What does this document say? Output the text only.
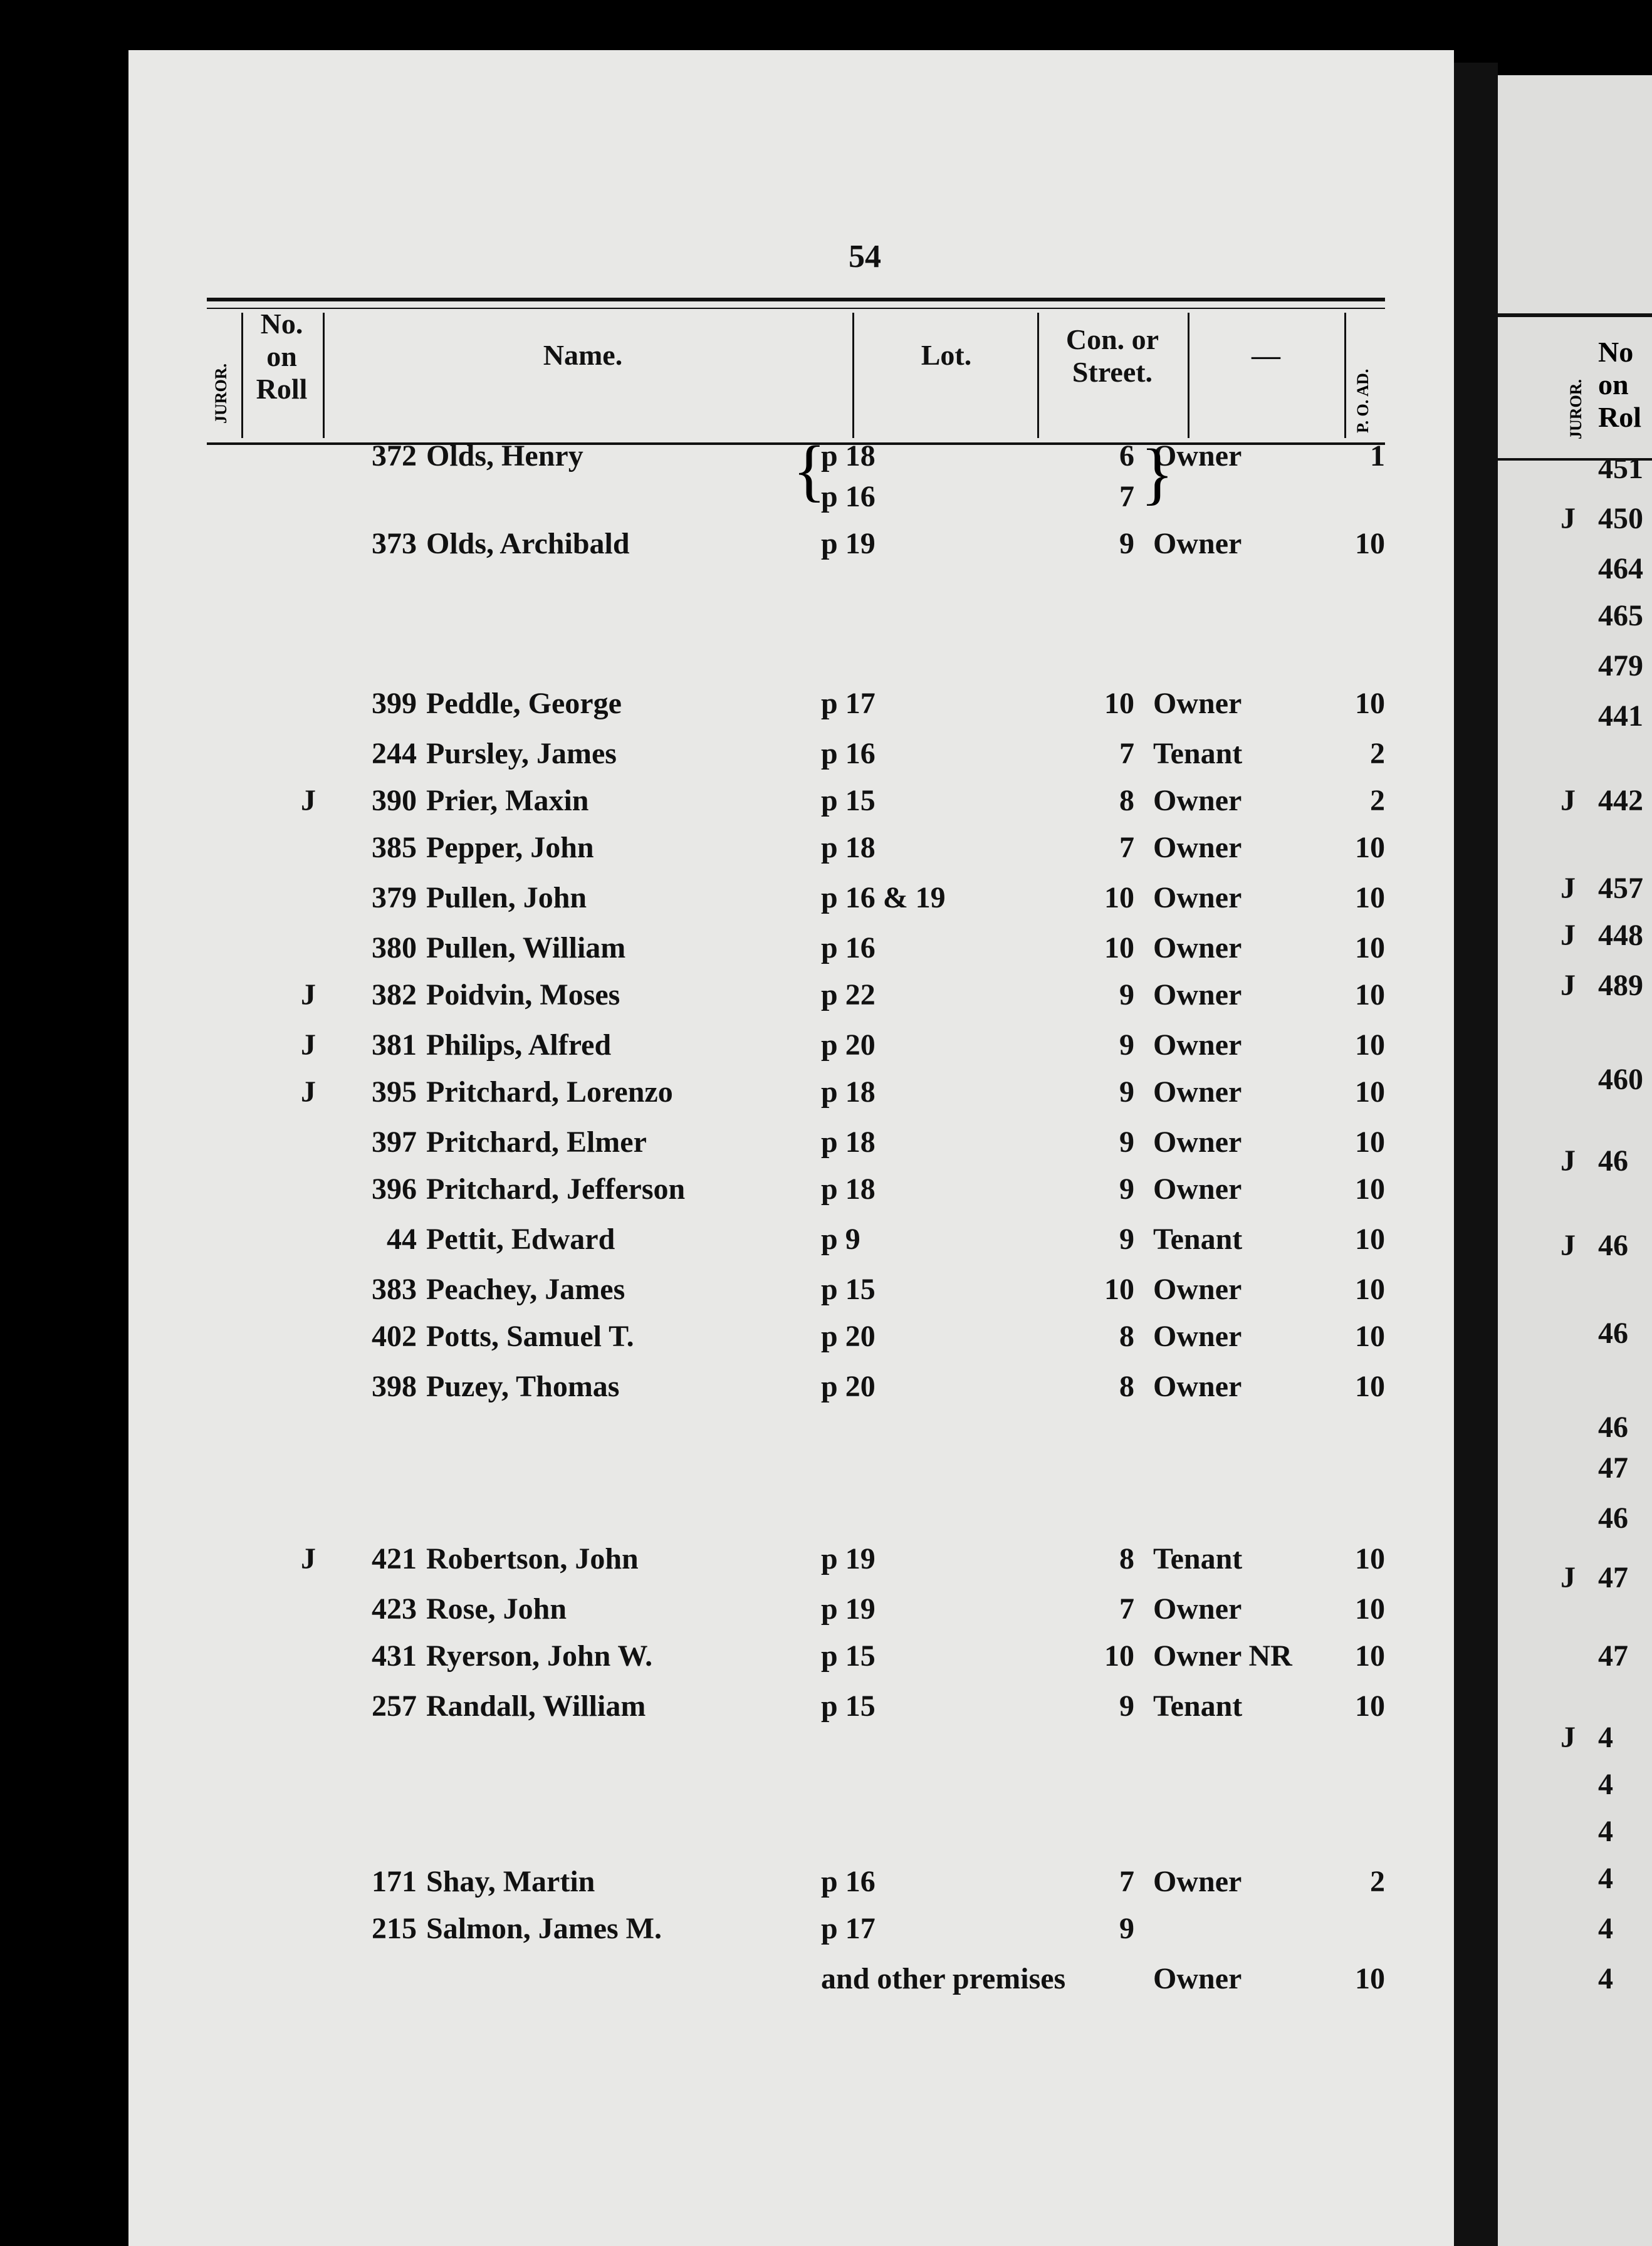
54
JUROR.
No.
on
Roll
Name.	Lot.	Con. or
Street.
—
P. O. AD.
372 Olds, Henry	p 18	6 Owner	1
p 16	7
373 Olds, Archibald	p 19	9 Owner	10
399 Peddle, George	p 17	10 Owner	10
244 Pursley, James	p 16	7 Tenant	2
J	390 Prier, Maxin	p 15	8 Owner	2
385 Pepper, John	p 18	7 Owner	10
379 Pullen, John	p 16 & 19	10 Owner	10
380 Pullen, William	p 16	10 Owner	10
J	382 Poidvin, Moses	p 22	9 Owner	10
J	381 Philips, Alfred	p 20	9 Owner	10
J	395 Pritchard, Lorenzo	p 18	9 Owner	10
397 Pritchard, Elmer	p 18	9 Owner	10
396 Pritchard, Jefferson	p 18	9 Owner	10
44 Pettit, Edward	p 9	9 Tenant	10
383 Peachey, James	p 15	10 Owner	10
402 Potts, Samuel T.	p 20	8 Owner	10
398 Puzey, Thomas	p 20	8 Owner	10
J	421 Robertson, John	p 19	8 Tenant	10
423 Rose, John	p 19	7 Owner	10
431 Ryerson, John W.	p 15	10 Owner NR	10
257 Randall, William	p 15	9 Tenant	10
171 Shay, Martin	p 16	7 Owner	2
215 Salmon, James M.	p 17	9
and other premises	Owner	10
JUROR.
No
on
Rol
451
J 450
464
465
479
441
J 442
J 457
J 448
J 489
460
J 46
J 46
46
46
47
46
J 47
47
J 4
4
4
4
4
4
{	}
